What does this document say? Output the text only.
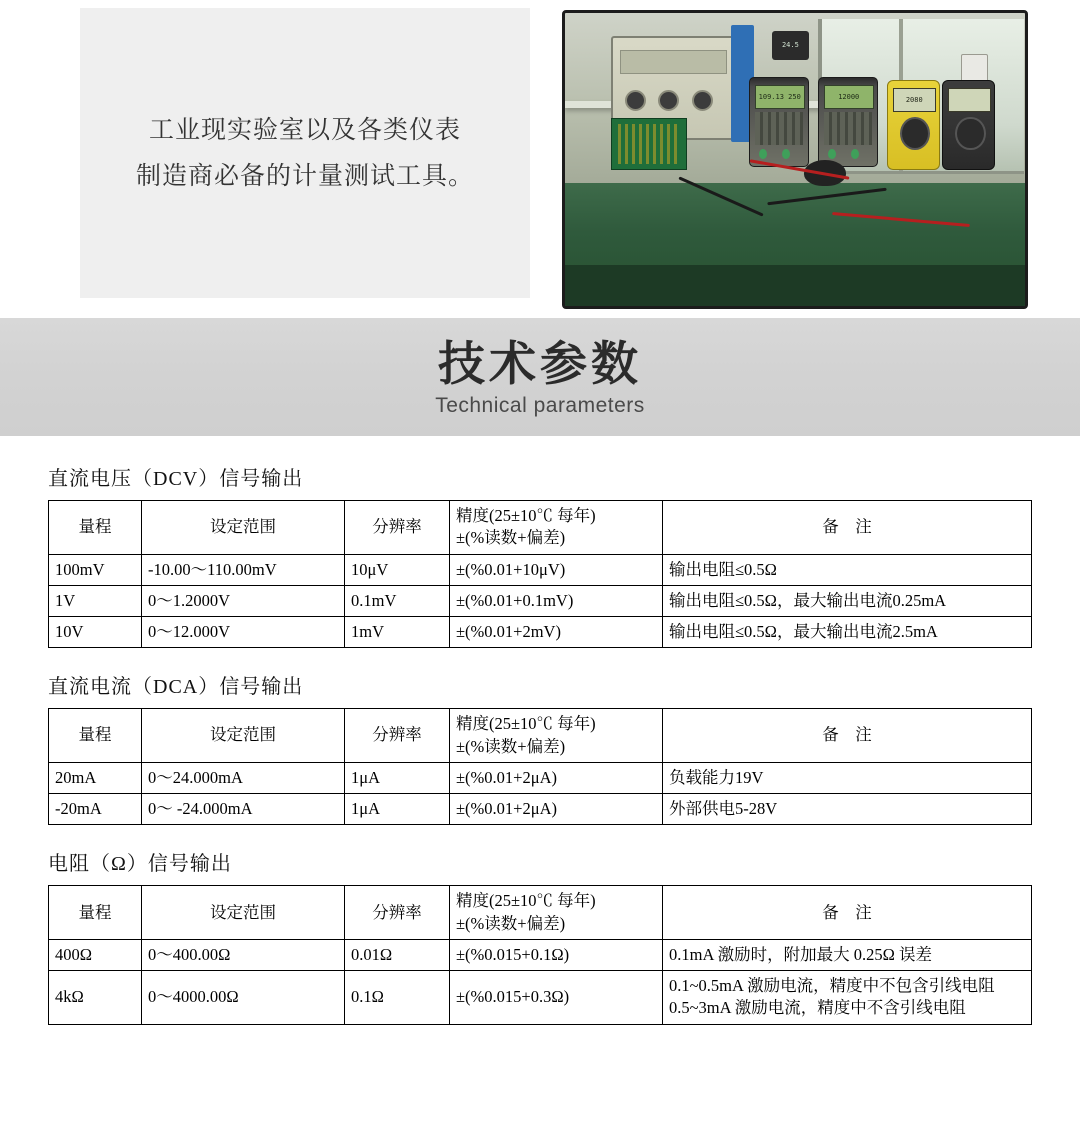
工业现实验室以及各类仪表
制造商必备的计量测试工具。
24.5
109.13 250	12000	2080
技术参数
Technical parameters
直流电压（DCV）信号输出
量程	设定范围	分辨率	精度(25±10℃ 每年)
±(%读数+偏差)	备　注
100mV	-10.00～110.00mV	10μV	±(%0.01+10μV)	输出电阻≤0.5Ω
1V	0～1.2000V	0.1mV	±(%0.01+0.1mV)	输出电阻≤0.5Ω，最大输出电流0.25mA
10V	0～12.000V	1mV	±(%0.01+2mV)	输出电阻≤0.5Ω，最大输出电流2.5mA
直流电流（DCA）信号输出
量程	设定范围	分辨率	精度(25±10℃ 每年)
±(%读数+偏差)	备　注
20mA	0～24.000mA	1μA	±(%0.01+2μA)	负载能力19V
-20mA	0～ -24.000mA	1μA	±(%0.01+2μA)	外部供电5-28V
电阻（Ω）信号输出
量程	设定范围	分辨率	精度(25±10℃ 每年)
±(%读数+偏差)	备　注
400Ω	0～400.00Ω	0.01Ω	±(%0.015+0.1Ω)	0.1mA 激励时，附加最大 0.25Ω 误差
4kΩ	0～4000.00Ω	0.1Ω	±(%0.015+0.3Ω)	0.1~0.5mA 激励电流，精度中不包含引线电阻
0.5~3mA 激励电流，精度中不含引线电阻
